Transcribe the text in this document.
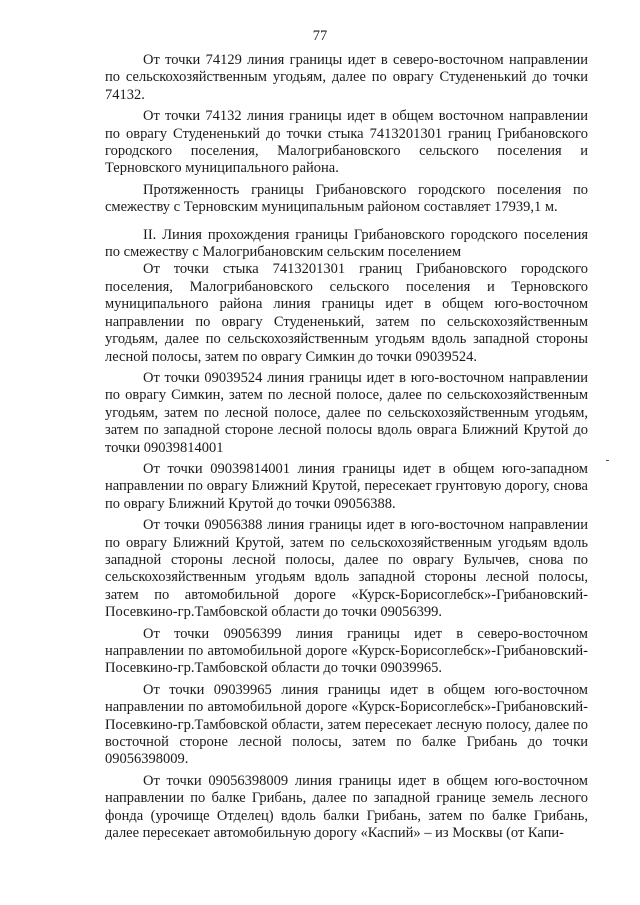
77

От точки 74129 линия границы идет в северо-восточном направлении по сельскохозяйственным угодьям, далее по оврагу Студененький до точки 74132.

От точки 74132 линия границы идет в общем восточном направлении по оврагу Студененький до точки стыка 7413201301 границ Грибановского городского поселения, Малогрибановского сельского поселения и Терновского муниципального района.

Протяженность границы Грибановского городского поселения по смежеству с Терновским муниципальным районом составляет 17939,1 м.

II. Линия прохождения границы Грибановского городского поселения по смежеству с Малогрибановским сельским поселением

От точки стыка 7413201301 границ Грибановского городского поселения, Малогрибановского сельского поселения и Терновского муниципального района линия границы идет в общем юго-восточном направлении по оврагу Студененький, затем по сельскохозяйственным угодьям, далее по сельскохозяйственным угодьям вдоль западной стороны лесной полосы, затем по оврагу Симкин до точки 09039524.

От точки 09039524 линия границы идет в юго-восточном направлении по оврагу Симкин, затем по лесной полосе, далее по сельскохозяйственным угодьям, затем по лесной полосе, далее по сельскохозяйственным угодьям, затем по западной стороне лесной полосы вдоль оврага Ближний Крутой до точки 09039814001

От точки 09039814001 линия границы идет в общем юго-западном направлении по оврагу Ближний Крутой, пересекает грунтовую дорогу, снова по оврагу Ближний Крутой до точки 09056388.

От точки 09056388 линия границы идет в юго-восточном направлении по оврагу Ближний Крутой, затем по сельскохозяйственным угодьям вдоль западной стороны лесной полосы, далее по оврагу Булычев, снова по сельскохозяйственным угодьям вдоль западной стороны лесной полосы, затем по автомобильной дороге «Курск-Борисоглебск»-Грибановский-Посевкино-гр.Тамбовской области до точки 09056399.

От точки 09056399 линия границы идет в северо-восточном направлении по автомобильной дороге «Курск-Борисоглебск»-Грибановский-Посевкино-гр.Тамбовской области до точки 09039965.

От точки 09039965 линия границы идет в общем юго-восточном направлении по автомобильной дороге «Курск-Борисоглебск»-Грибановский-Посевкино-гр.Тамбовской области, затем пересекает лесную полосу, далее по восточной стороне лесной полосы, затем по балке Грибань до точки 09056398009.

От точки 09056398009 линия границы идет в общем юго-восточном направлении по балке Грибань, далее по западной границе земель лесного фонда (урочище Отделец) вдоль балки Грибань, затем по балке Грибань, далее пересекает автомобильную дорогу «Каспий» – из Москвы (от Капи-
